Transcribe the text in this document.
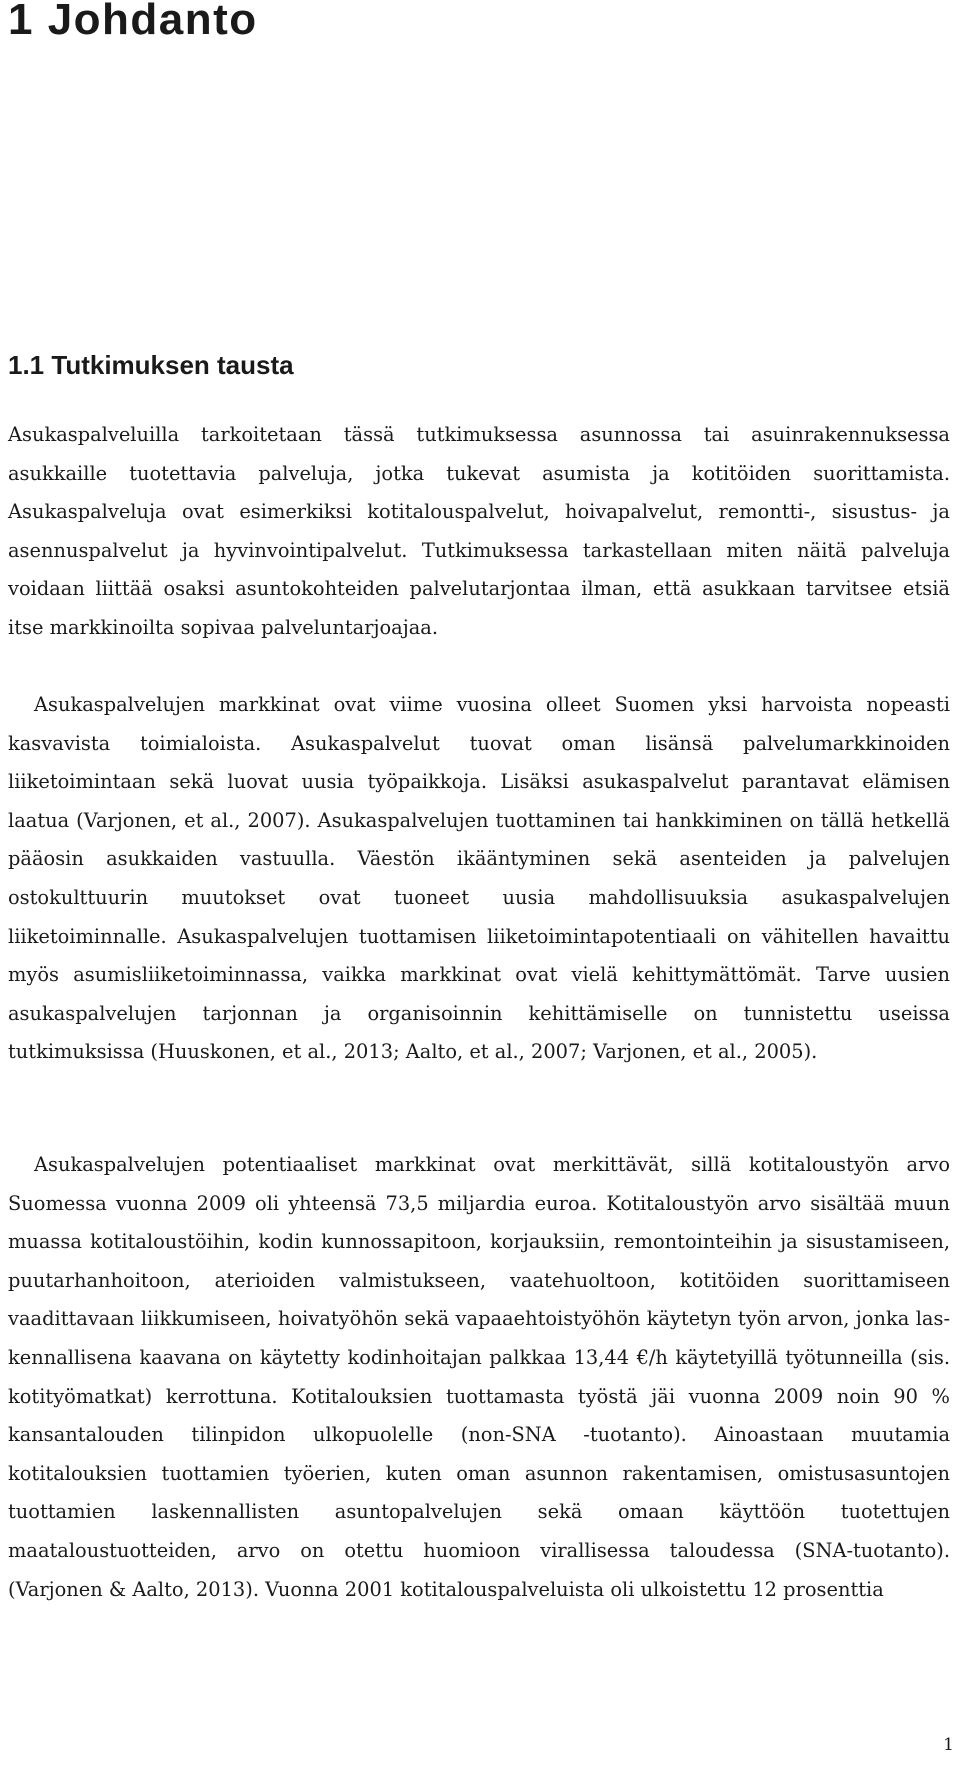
1 Johdanto
1.1 Tutkimuksen tausta

Asukaspalveluilla tarkoitetaan tässä tutkimuksessa asunnossa tai asuinrakennuksessa asukkaille tuotettavia palveluja, jotka tukevat asumista ja kotitöiden suorittamista. Asukaspalveluja ovat esimerkiksi kotitalouspalvelut, hoivapalvelut, remontti-, sisustus- ja asennuspalvelut ja hyvinvointipalvelut. Tutkimuksessa tarkastellaan miten näitä palveluja voidaan liittää osaksi asuntokohteiden palvelutarjontaa ilman, että asukkaan tarvitsee etsiä itse markkinoilta sopivaa palveluntarjoajaa.

Asukaspalvelujen markkinat ovat viime vuosina olleet Suomen yksi harvoista nopeasti kasvavista toimialoista. Asukaspalvelut tuovat oman lisänsä palvelumarkkinoiden liiketoimintaan sekä luovat uusia työpaikkoja. Lisäksi asukaspalvelut parantavat elämisen laatua (Varjonen, et al., 2007). Asukaspalvelujen tuottaminen tai hankkiminen on tällä hetkellä pääosin asukkaiden vastuulla. Väestön ikääntyminen sekä asenteiden ja palvelujen ostokulttuurin muutokset ovat tuoneet uusia mahdollisuuksia asukaspalvelujen liiketoiminnalle. Asukaspalvelujen tuottamisen liiketoimintapotentiaali on vähitellen havaittu myös asumisliiketoiminnassa, vaikka markkinat ovat vielä kehittymättömät. Tarve uusien asukaspalvelujen tarjonnan ja organisoinnin kehittämiselle on tunnistettu useissa tutkimuksissa (Huuskonen, et al., 2013; Aalto, et al., 2007; Varjonen, et al., 2005).

Asukaspalvelujen potentiaaliset markkinat ovat merkittävät, sillä kotitaloustyön arvo Suomessa vuonna 2009 oli yhteensä 73,5 miljardia euroa. Kotitaloustyön arvo sisältää muun muassa kotitaloustöihin, kodin kunnossapitoon, korjauksiin, remontointeihin ja sisustamiseen, puutarhanhoitoon, aterioiden valmistukseen, vaatehuoltoon, kotitöiden suorittamiseen vaadittavaan liikkumiseen, hoivatyöhön sekä vapaaehtoistyöhön käytetyn työn arvon, jonka laskennallisena kaavana on käytetty kodinhoitajan palkkaa 13,44 €/h käytetyillä työtunneilla (sis. kotityömatkat) kerrottuna. Kotitalouksien tuottamasta työstä jäi vuonna 2009 noin 90 % kansantalouden tilinpidon ulkopuolelle (non-SNA -tuotanto). Ainoastaan muutamia kotitalouksien tuottamien työerien, kuten oman asunnon rakentamisen, omistusasuntojen tuottamien laskennallisten asuntopalvelujen sekä omaan käyttöön tuotettujen maataloustuotteiden, arvo on otettu huomioon virallisessa taloudessa (SNA-tuotanto). (Varjonen & Aalto, 2013). Vuonna 2001 kotitalouspalveluista oli ulkoistettu 12 prosenttia

1
